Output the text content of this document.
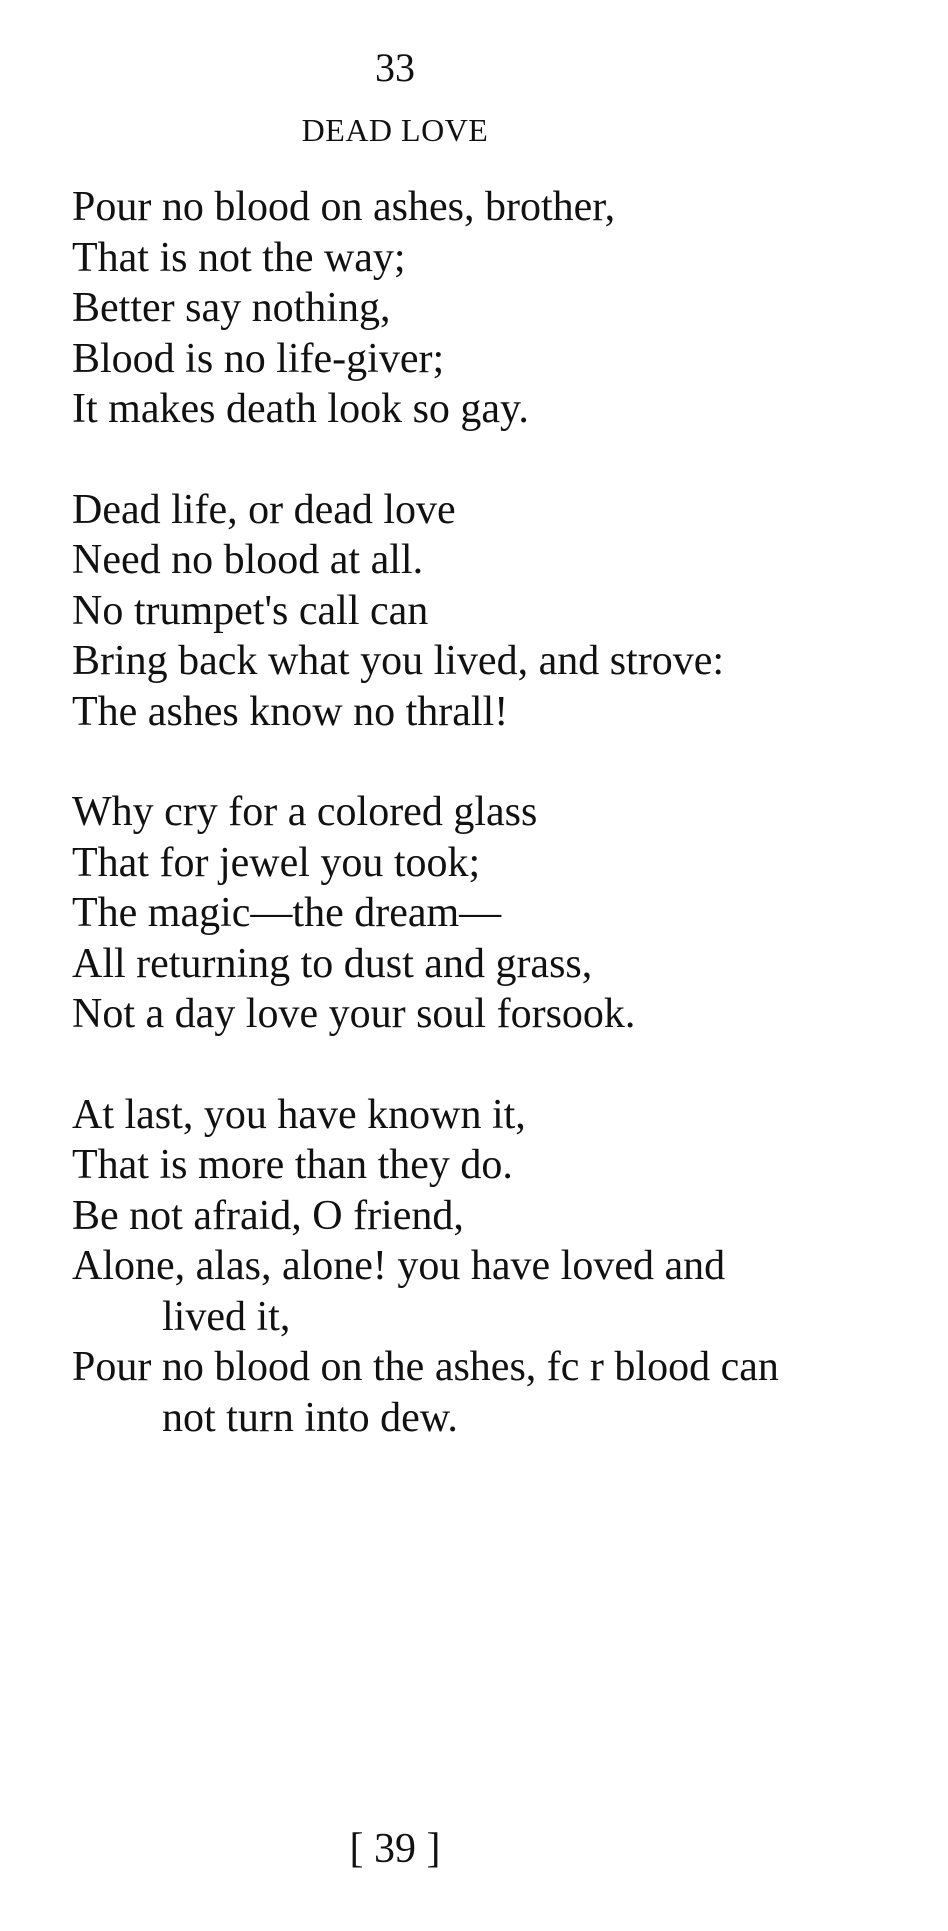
33
DEAD LOVE
Pour no blood on ashes, brother,
That is not the way;
Better say nothing,
Blood is no life-giver;
It makes death look so gay.
Dead life, or dead love
Need no blood at all.
No trumpet's call can
Bring back what you lived, and strove:
The ashes know no thrall!
Why cry for a colored glass
That for jewel you took;
The magic—the dream—
All returning to dust and grass,
Not a day love your soul forsook.
At last, you have known it,
That is more than they do.
Be not afraid, O friend,
Alone, alas, alone! you have loved and
lived it,
Pour no blood on the ashes, fc r blood can
not turn into dew.
[ 39 ]
